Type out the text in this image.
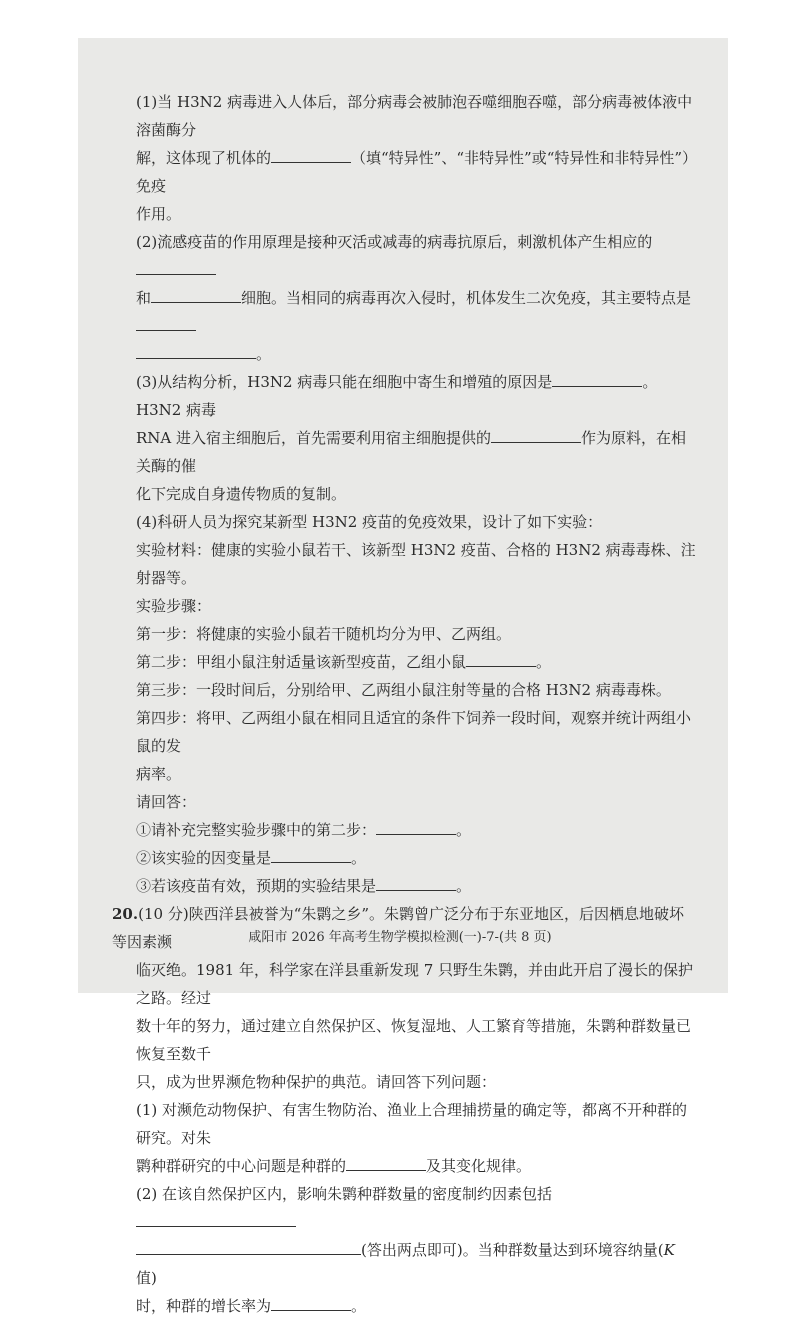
(1)当 H3N2 病毒进入人体后，部分病毒会被肺泡吞噬细胞吞噬，部分病毒被体液中溶菌酶分

解，这体现了机体的	（填“特异性”、“非特异性”或“特异性和非特异性”）免疫

作用。

(2)流感疫苗的作用原理是接种灭活或减毒的病毒抗原后，刺激机体产生相应的

和	细胞。当相同的病毒再次入侵时，机体发生二次免疫，其主要特点是

。

(3)从结构分析，H3N2 病毒只能在细胞中寄生和增殖的原因是	。H3N2 病毒

RNA 进入宿主细胞后，首先需要利用宿主细胞提供的	作为原料，在相关酶的催

化下完成自身遗传物质的复制。

(4)科研人员为探究某新型 H3N2 疫苗的免疫效果，设计了如下实验：

实验材料：健康的实验小鼠若干、该新型 H3N2 疫苗、合格的 H3N2 病毒毒株、注射器等。

实验步骤：

第一步：将健康的实验小鼠若干随机均分为甲、乙两组。

第二步：甲组小鼠注射适量该新型疫苗，乙组小鼠	。

第三步：一段时间后，分别给甲、乙两组小鼠注射等量的合格 H3N2 病毒毒株。

第四步：将甲、乙两组小鼠在相同且适宜的条件下饲养一段时间，观察并统计两组小鼠的发

病率。

请回答：

①请补充完整实验步骤中的第二步：	。

②该实验的因变量是	。

③若该疫苗有效，预期的实验结果是	。

20.(10 分)陕西洋县被誉为“朱鹮之乡”。朱鹮曾广泛分布于东亚地区，后因栖息地破坏等因素濒

临灭绝。1981 年，科学家在洋县重新发现 7 只野生朱鹮，并由此开启了漫长的保护之路。经过

数十年的努力，通过建立自然保护区、恢复湿地、人工繁育等措施，朱鹮种群数量已恢复至数千

只，成为世界濒危物种保护的典范。请回答下列问题：

(1) 对濒危动物保护、有害生物防治、渔业上合理捕捞量的确定等，都离不开种群的研究。对朱

鹮种群研究的中心问题是种群的	及其变化规律。

(2) 在该自然保护区内，影响朱鹮种群数量的密度制约因素包括

(答出两点即可)。当种群数量达到环境容纳量(K 值)

时，种群的增长率为	。

咸阳市 2026 年高考生物学模拟检测(一)-7-(共 8 页)
